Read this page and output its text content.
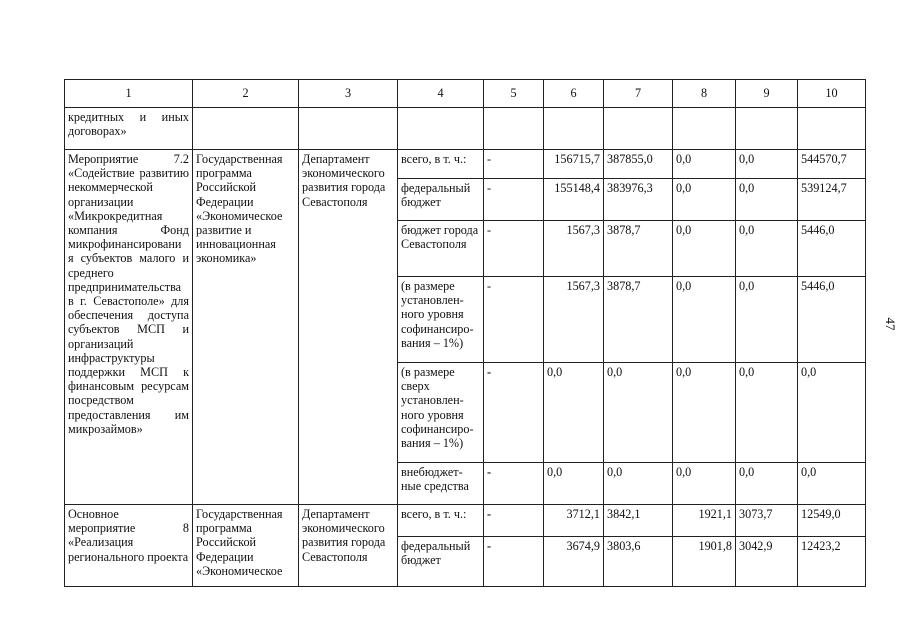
47
1	2	3	4	5	6	7	8	9	10
кредитных и иных договорах»									
Мероприятие 7.2 «Содействие развитию некоммерческой организации «Микрокредитная компания Фонд микрофинансировани я субъектов малого и среднего предпринимательства в г. Севастополе» для обеспечения доступа субъектов МСП и организаций инфраструктуры поддержки МСП к финансовым ресурсам посредством предоставления им микрозаймов»	Государственная программа Российской Федерации «Экономическое развитие и инновационная экономика»	Департамент экономического развития города Севастополя	всего, в т. ч.:	-	156715,7	387855,0	0,0	0,0	544570,7
			федеральный бюджет	-	155148,4	383976,3	0,0	0,0	539124,7
			бюджет города Севастополя	-	1567,3	3878,7	0,0	0,0	5446,0
			(в размере установлен-ного уровня софинансиро-вания – 1%)	-	1567,3	3878,7	0,0	0,0	5446,0
			(в размере сверх установлен-ного уровня софинансиро-вания – 1%)	-	0,0	0,0	0,0	0,0	0,0
			внебюджет-ные средства	-	0,0	0,0	0,0	0,0	0,0
Основное мероприятие 8 «Реализация регионального проекта	Государственная программа Российской Федерации «Экономическое	Департамент экономического развития города Севастополя	всего, в т. ч.:	-	3712,1	3842,1	1921,1	3073,7	12549,0
			федеральный бюджет	-	3674,9	3803,6	1901,8	3042,9	12423,2
